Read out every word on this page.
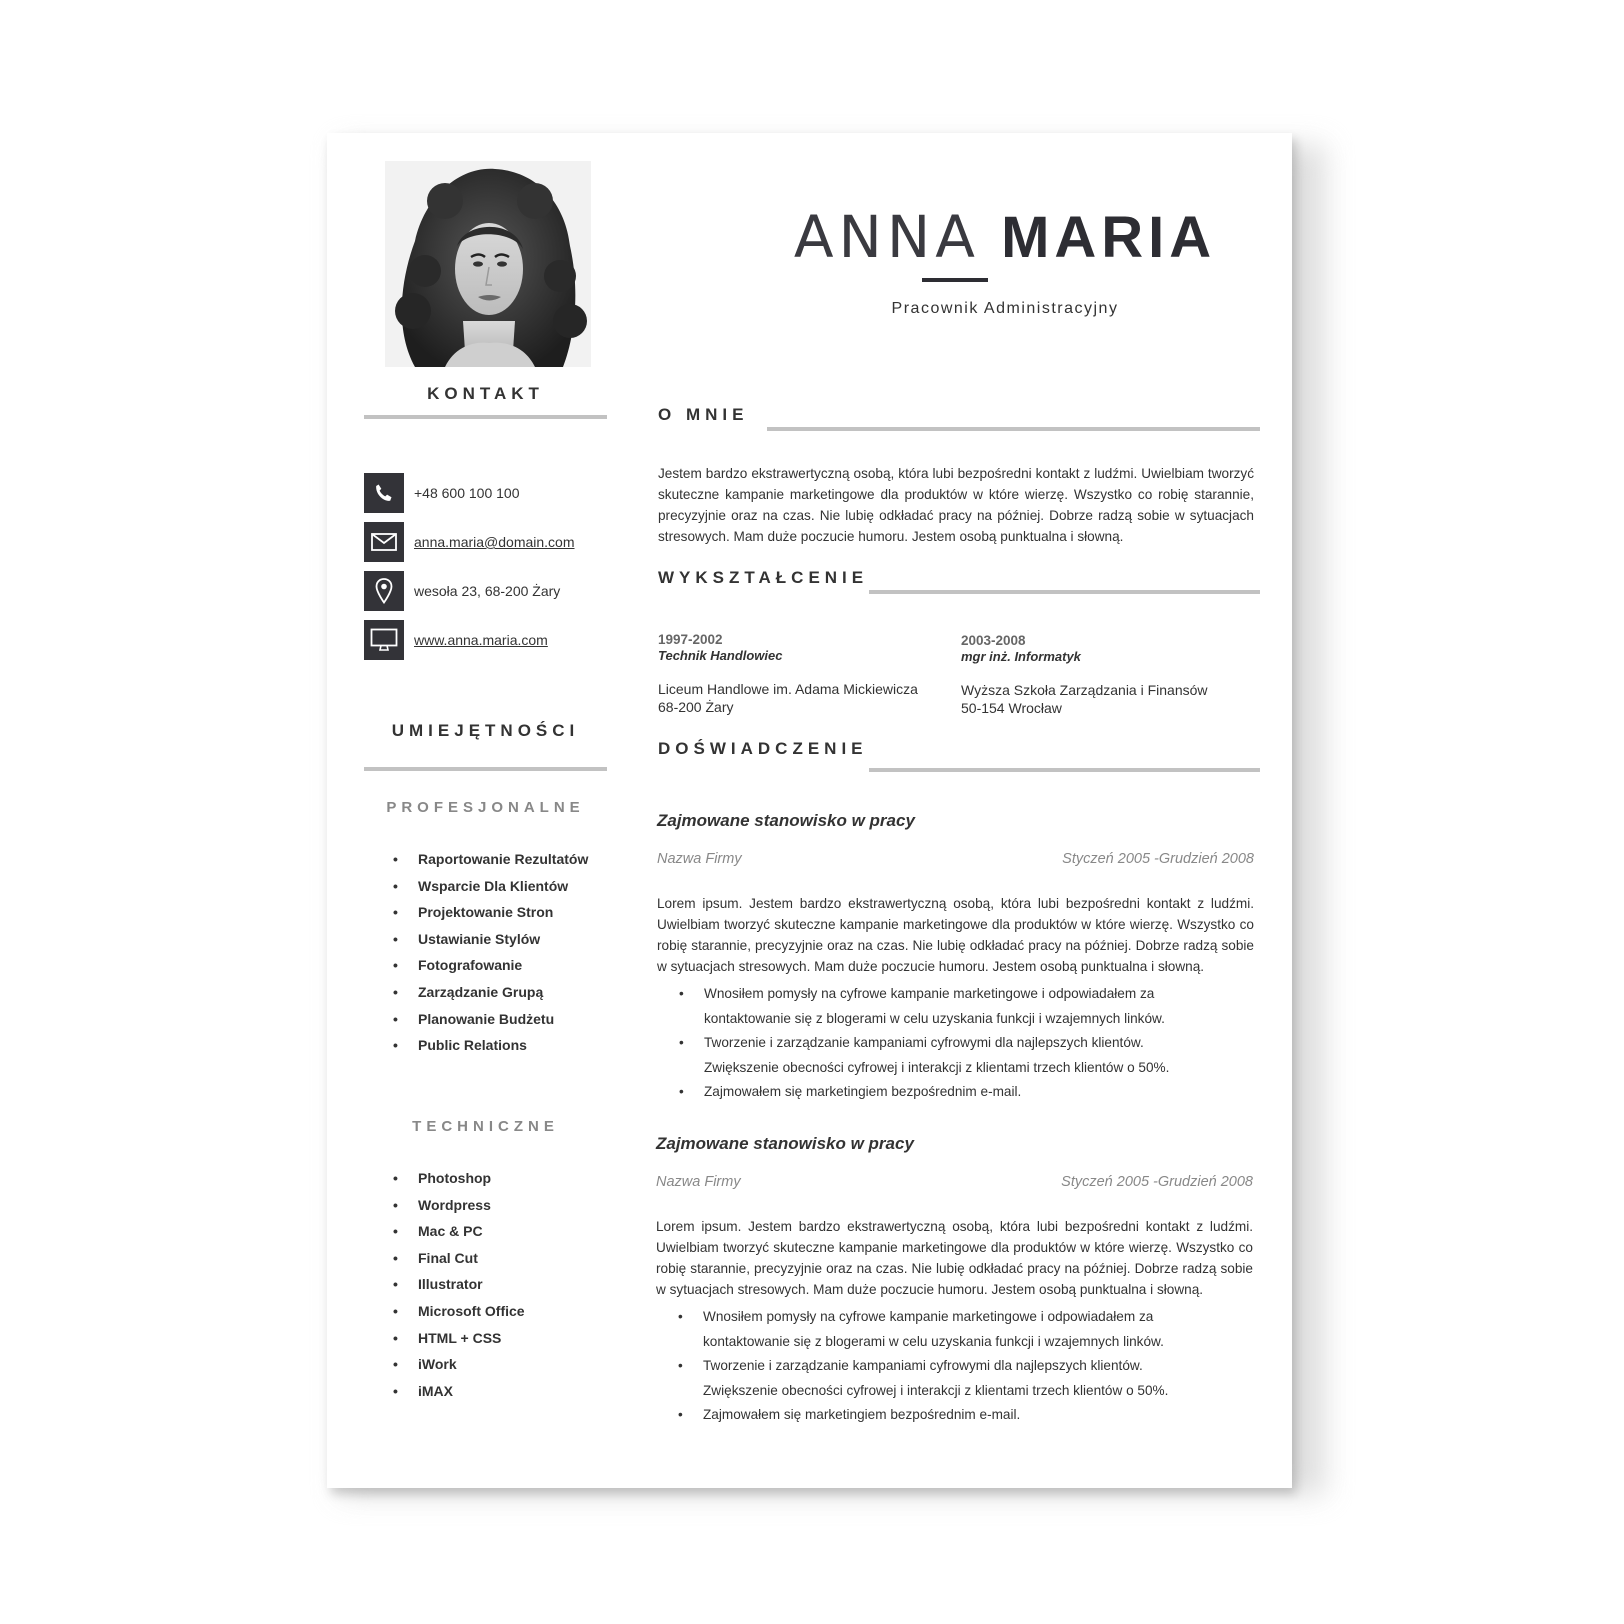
ANNA MARIA
Pracownik Administracyjny
KONTAKT
+48 600 100 100
anna.maria@domain.com
wesoła 23, 68-200 Żary
www.anna.maria.com
UMIEJĘTNOŚCI
PROFESJONALNE
• Raportowanie Rezultatów
• Wsparcie Dla Klientów
• Projektowanie Stron
• Ustawianie Stylów
• Fotografowanie
• Zarządzanie Grupą
• Planowanie Budżetu
• Public Relations
TECHNICZNE
• Photoshop
• Wordpress
• Mac & PC
• Final Cut
• Illustrator
• Microsoft Office
• HTML + CSS
• iWork
• iMAX
O MNIE
Jestem bardzo ekstrawertyczną osobą, która lubi bezpośredni kontakt z ludźmi. Uwielbiam tworzyć skuteczne kampanie marketingowe dla produktów w które wierzę. Wszystko co robię starannie, precyzyjnie oraz na czas. Nie lubię odkładać pracy na później. Dobrze radzą sobie w sytuacjach stresowych. Mam duże poczucie humoru. Jestem osobą punktualna i słowną.
WYKSZTAŁCENIE
1997-2002
Technik Handlowiec
Liceum Handlowe im. Adama Mickiewicza
68-200 Żary
2003-2008
mgr inż. Informatyk
Wyższa Szkoła Zarządzania i Finansów
50-154 Wrocław
DOŚWIADCZENIE
Zajmowane stanowisko w pracy
Nazwa Firmy	Styczeń 2005 -Grudzień 2008
Lorem ipsum. Jestem bardzo ekstrawertyczną osobą, która lubi bezpośredni kontakt z ludźmi. Uwielbiam tworzyć skuteczne kampanie marketingowe dla produktów w które wierzę. Wszystko co robię starannie, precyzyjnie oraz na czas. Nie lubię odkładać pracy na później. Dobrze radzą sobie w sytuacjach stresowych. Mam duże poczucie humoru. Jestem osobą punktualna i słowną.
• Wnosiłem pomysły na cyfrowe kampanie marketingowe i odpowiadałem za kontaktowanie się z blogerami w celu uzyskania funkcji i wzajemnych linków.
• Tworzenie i zarządzanie kampaniami cyfrowymi dla najlepszych klientów. Zwiększenie obecności cyfrowej i interakcji z klientami trzech klientów o 50%.
• Zajmowałem się marketingiem bezpośrednim e-mail.
Zajmowane stanowisko w pracy
Nazwa Firmy	Styczeń 2005 -Grudzień 2008
Lorem ipsum. Jestem bardzo ekstrawertyczną osobą, która lubi bezpośredni kontakt z ludźmi. Uwielbiam tworzyć skuteczne kampanie marketingowe dla produktów w które wierzę. Wszystko co robię starannie, precyzyjnie oraz na czas. Nie lubię odkładać pracy na później. Dobrze radzą sobie w sytuacjach stresowych. Mam duże poczucie humoru. Jestem osobą punktualna i słowną.
• Wnosiłem pomysły na cyfrowe kampanie marketingowe i odpowiadałem za kontaktowanie się z blogerami w celu uzyskania funkcji i wzajemnych linków.
• Tworzenie i zarządzanie kampaniami cyfrowymi dla najlepszych klientów. Zwiększenie obecności cyfrowej i interakcji z klientami trzech klientów o 50%.
• Zajmowałem się marketingiem bezpośrednim e-mail.
